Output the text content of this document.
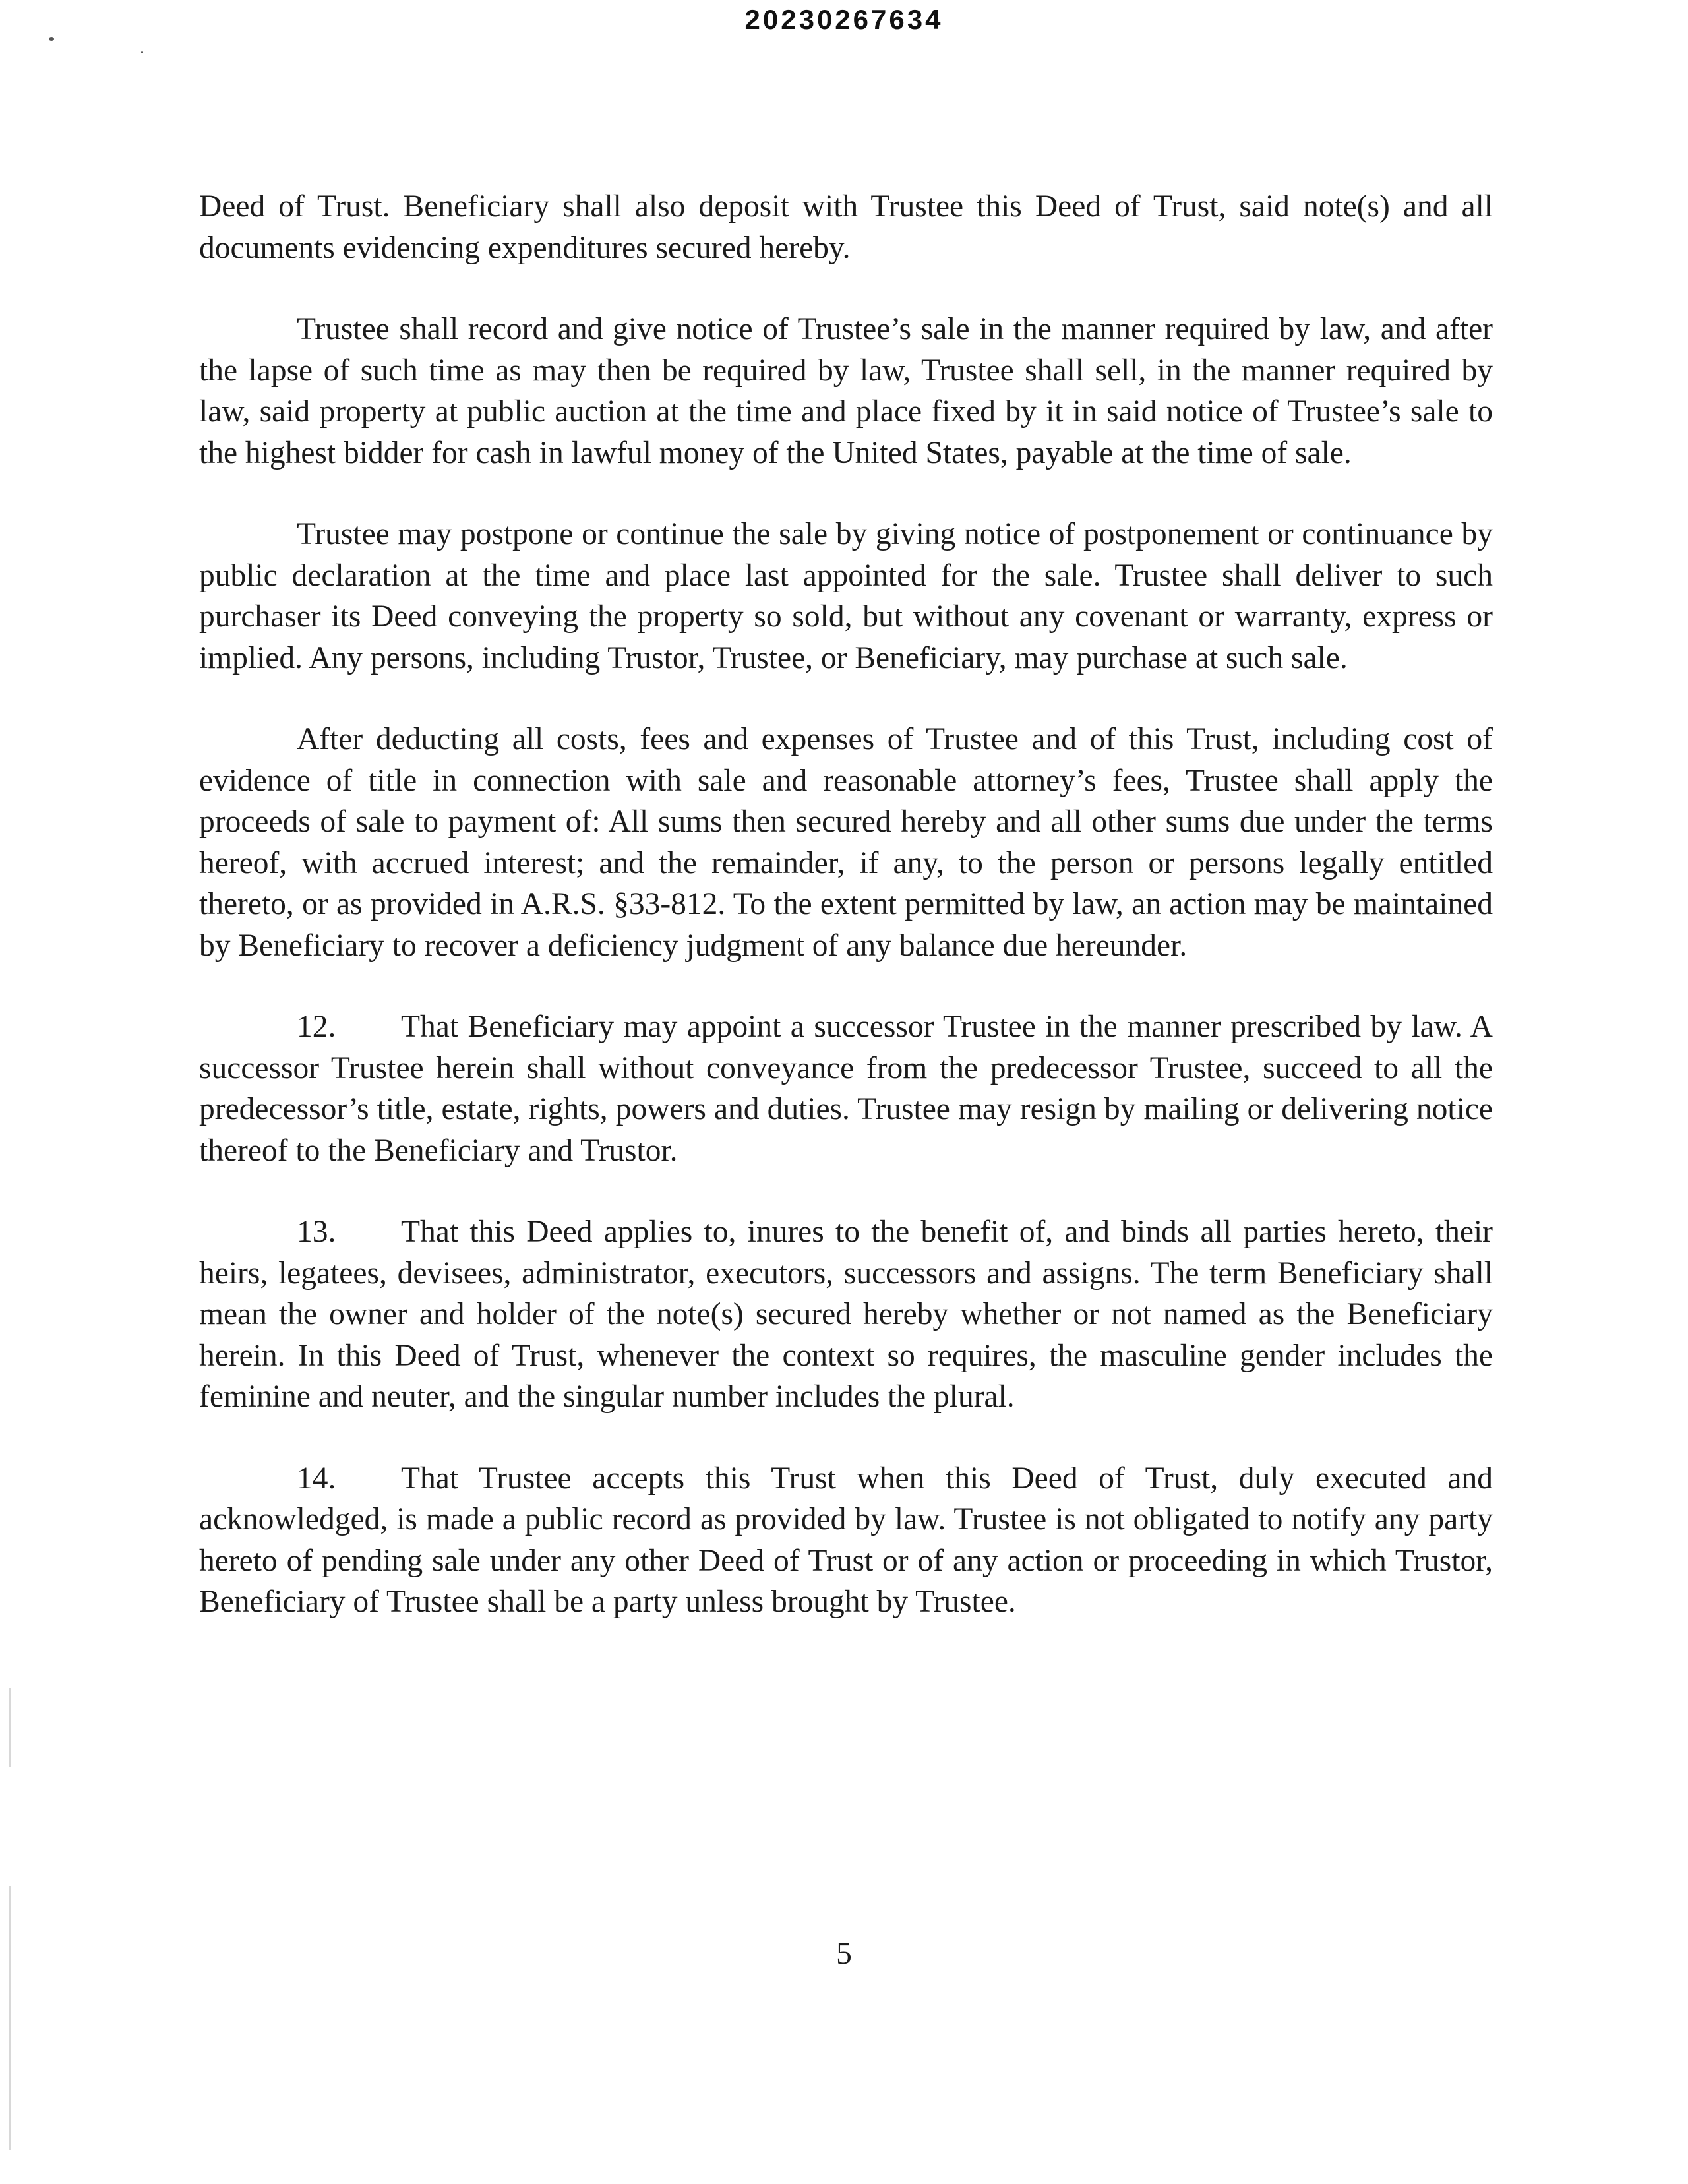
20230267634

Deed of Trust. Beneficiary shall also deposit with Trustee this Deed of Trust, said note(s) and all documents evidencing expenditures secured hereby.

Trustee shall record and give notice of Trustee’s sale in the manner required by law, and after the lapse of such time as may then be required by law, Trustee shall sell, in the manner required by law, said property at public auction at the time and place fixed by it in said notice of Trustee’s sale to the highest bidder for cash in lawful money of the United States, payable at the time of sale.

Trustee may postpone or continue the sale by giving notice of postponement or continuance by public declaration at the time and place last appointed for the sale. Trustee shall deliver to such purchaser its Deed conveying the property so sold, but without any covenant or warranty, express or implied. Any persons, including Trustor, Trustee, or Beneficiary, may purchase at such sale.

After deducting all costs, fees and expenses of Trustee and of this Trust, including cost of evidence of title in connection with sale and reasonable attorney’s fees, Trustee shall apply the proceeds of sale to payment of: All sums then secured hereby and all other sums due under the terms hereof, with accrued interest; and the remainder, if any, to the person or persons legally entitled thereto, or as provided in A.R.S. §33-812. To the extent permitted by law, an action may be maintained by Beneficiary to recover a deficiency judgment of any balance due hereunder.

12. That Beneficiary may appoint a successor Trustee in the manner prescribed by law. A successor Trustee herein shall without conveyance from the predecessor Trustee, succeed to all the predecessor’s title, estate, rights, powers and duties. Trustee may resign by mailing or delivering notice thereof to the Beneficiary and Trustor.

13. That this Deed applies to, inures to the benefit of, and binds all parties hereto, their heirs, legatees, devisees, administrator, executors, successors and assigns. The term Beneficiary shall mean the owner and holder of the note(s) secured hereby whether or not named as the Beneficiary herein. In this Deed of Trust, whenever the context so requires, the masculine gender includes the feminine and neuter, and the singular number includes the plural.

14. That Trustee accepts this Trust when this Deed of Trust, duly executed and acknowledged, is made a public record as provided by law. Trustee is not obligated to notify any party hereto of pending sale under any other Deed of Trust or of any action or proceeding in which Trustor, Beneficiary of Trustee shall be a party unless brought by Trustee.

5
